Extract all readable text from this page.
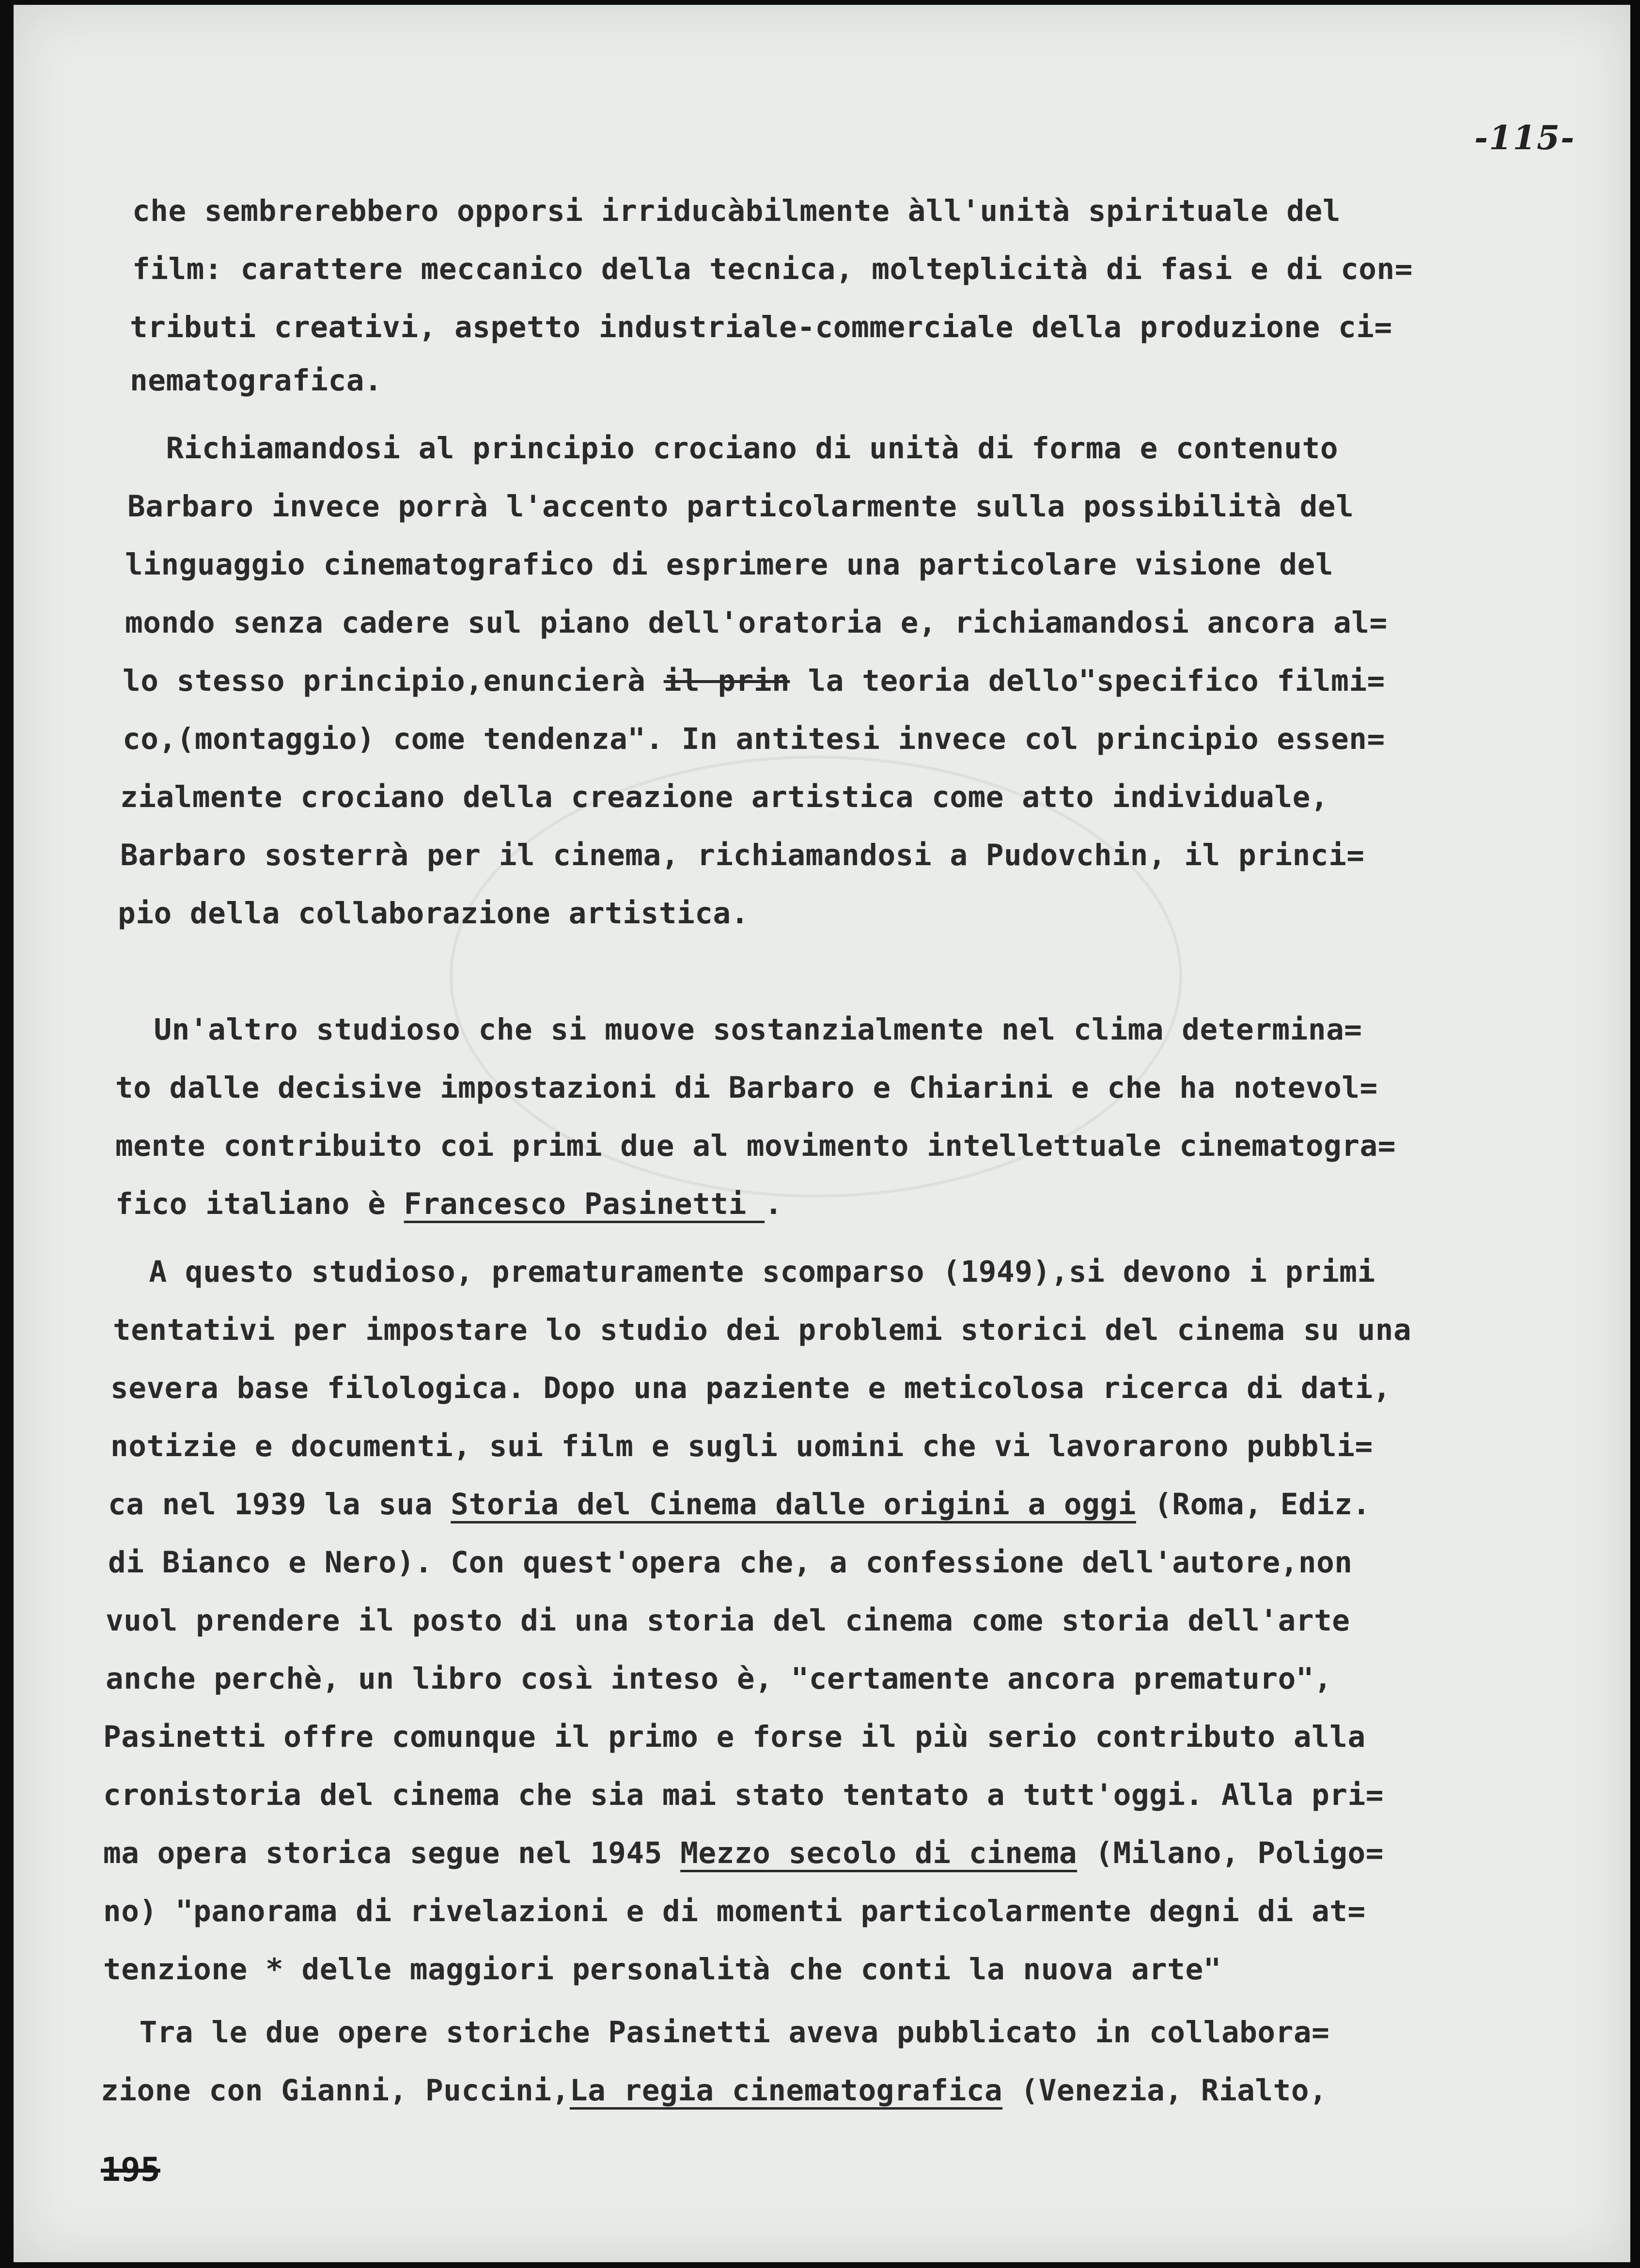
-115-
che sembrerebbero opporsi irriducàbilmente àll'unità spirituale del
film: carattere meccanico della tecnica, molteplicità di fasi e di con=
tributi creativi, aspetto industriale-commerciale della produzione ci=
nematografica.
Richiamandosi al principio crociano di unità di forma e contenuto
Barbaro invece porrà l'accento particolarmente sulla possibilità del
linguaggio cinematografico di esprimere una particolare visione del
mondo senza cadere sul piano dell'oratoria e, richiamandosi ancora al=
lo stesso principio,enuncierà il prin la teoria dello"specifico filmi=
co,(montaggio) come tendenza". In antitesi invece col principio essen=
zialmente crociano della creazione artistica come atto individuale,
Barbaro sosterrà per il cinema, richiamandosi a Pudovchin, il princi=
pio della collaborazione artistica.
Un'altro studioso che si muove sostanzialmente nel clima determina=
to dalle decisive impostazioni di Barbaro e Chiarini e che ha notevol=
mente contribuito coi primi due al movimento intellettuale cinematogra=
fico italiano è Francesco Pasinetti .
A questo studioso, prematuramente scomparso (1949),si devono i primi
tentativi per impostare lo studio dei problemi storici del cinema su una
severa base filologica. Dopo una paziente e meticolosa ricerca di dati,
notizie e documenti, sui film e sugli uomini che vi lavorarono pubbli=
ca nel 1939 la sua Storia del Cinema dalle origini a oggi (Roma, Ediz.
di Bianco e Nero). Con quest'opera che, a confessione dell'autore,non
vuol prendere il posto di una storia del cinema come storia dell'arte
anche perchè, un libro così inteso è, "certamente ancora prematuro",
Pasinetti offre comunque il primo e forse il più serio contributo alla
cronistoria del cinema che sia mai stato tentato a tutt'oggi. Alla pri=
ma opera storica segue nel 1945 Mezzo secolo di cinema (Milano, Poligo=
no) "panorama di rivelazioni e di momenti particolarmente degni di at=
tenzione * delle maggiori personalità che conti la nuova arte"
Tra le due opere storiche Pasinetti aveva pubblicato in collabora=
zione con Gianni, Puccini,La regia cinematografica (Venezia, Rialto,
195
